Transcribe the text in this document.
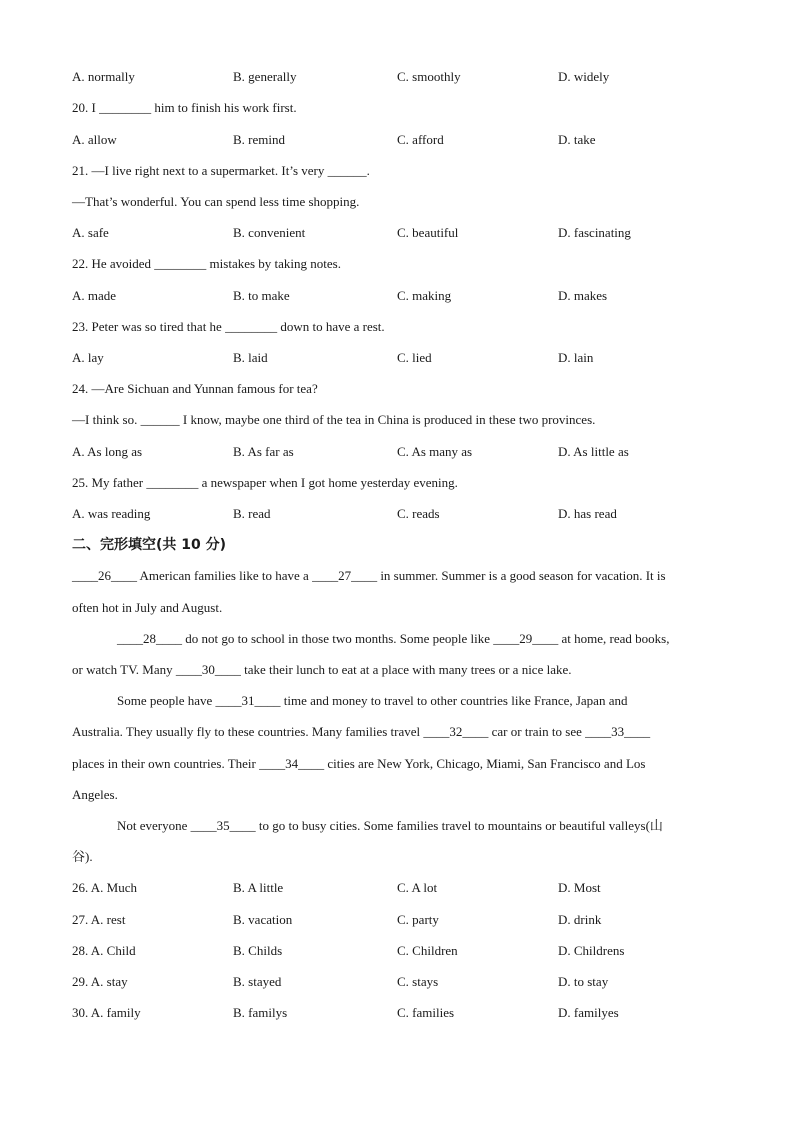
A. normally	B. generally	C. smoothly	D. widely
20. I ________ him to finish his work first.
A. allow	B. remind	C. afford	D. take
21. —I live right next to a supermarket. It’s very ______.
—That’s wonderful. You can spend less time shopping.
A. safe	B. convenient	C. beautiful	D. fascinating
22. He avoided ________ mistakes by taking notes.
A. made	B. to make	C. making	D. makes
23. Peter was so tired that he ________ down to have a rest.
A. lay	B. laid	C. lied	D. lain
24. —Are Sichuan and Yunnan famous for tea?
—I think so. ______ I know, maybe one third of the tea in China is produced in these two provinces.
A. As long as	B. As far as	C. As many as	D. As little as
25. My father ________ a newspaper when I got home yesterday evening.
A. was reading	B. read	C. reads	D. has read
二、完形填空(共 10 分)
____26____ American families like to have a ____27____ in summer. Summer is a good season for vacation. It is
often hot in July and August.
____28____ do not go to school in those two months. Some people like ____29____ at home, read books,
or watch TV. Many ____30____ take their lunch to eat at a place with many trees or a nice lake.
Some people have ____31____ time and money to travel to other countries like France, Japan and
Australia. They usually fly to these countries. Many families travel ____32____ car or train to see ____33____
places in their own countries. Their ____34____ cities are New York, Chicago, Miami, San Francisco and Los
Angeles.
Not everyone ____35____ to go to busy cities. Some families travel to mountains or beautiful valleys(山
谷).
26. A. Much	B. A little	C. A lot	D. Most
27. A. rest	B. vacation	C. party	D. drink
28. A. Child	B. Childs	C. Children	D. Childrens
29. A. stay	B. stayed	C. stays	D. to stay
30. A. family	B. familys	C. families	D. familyes
